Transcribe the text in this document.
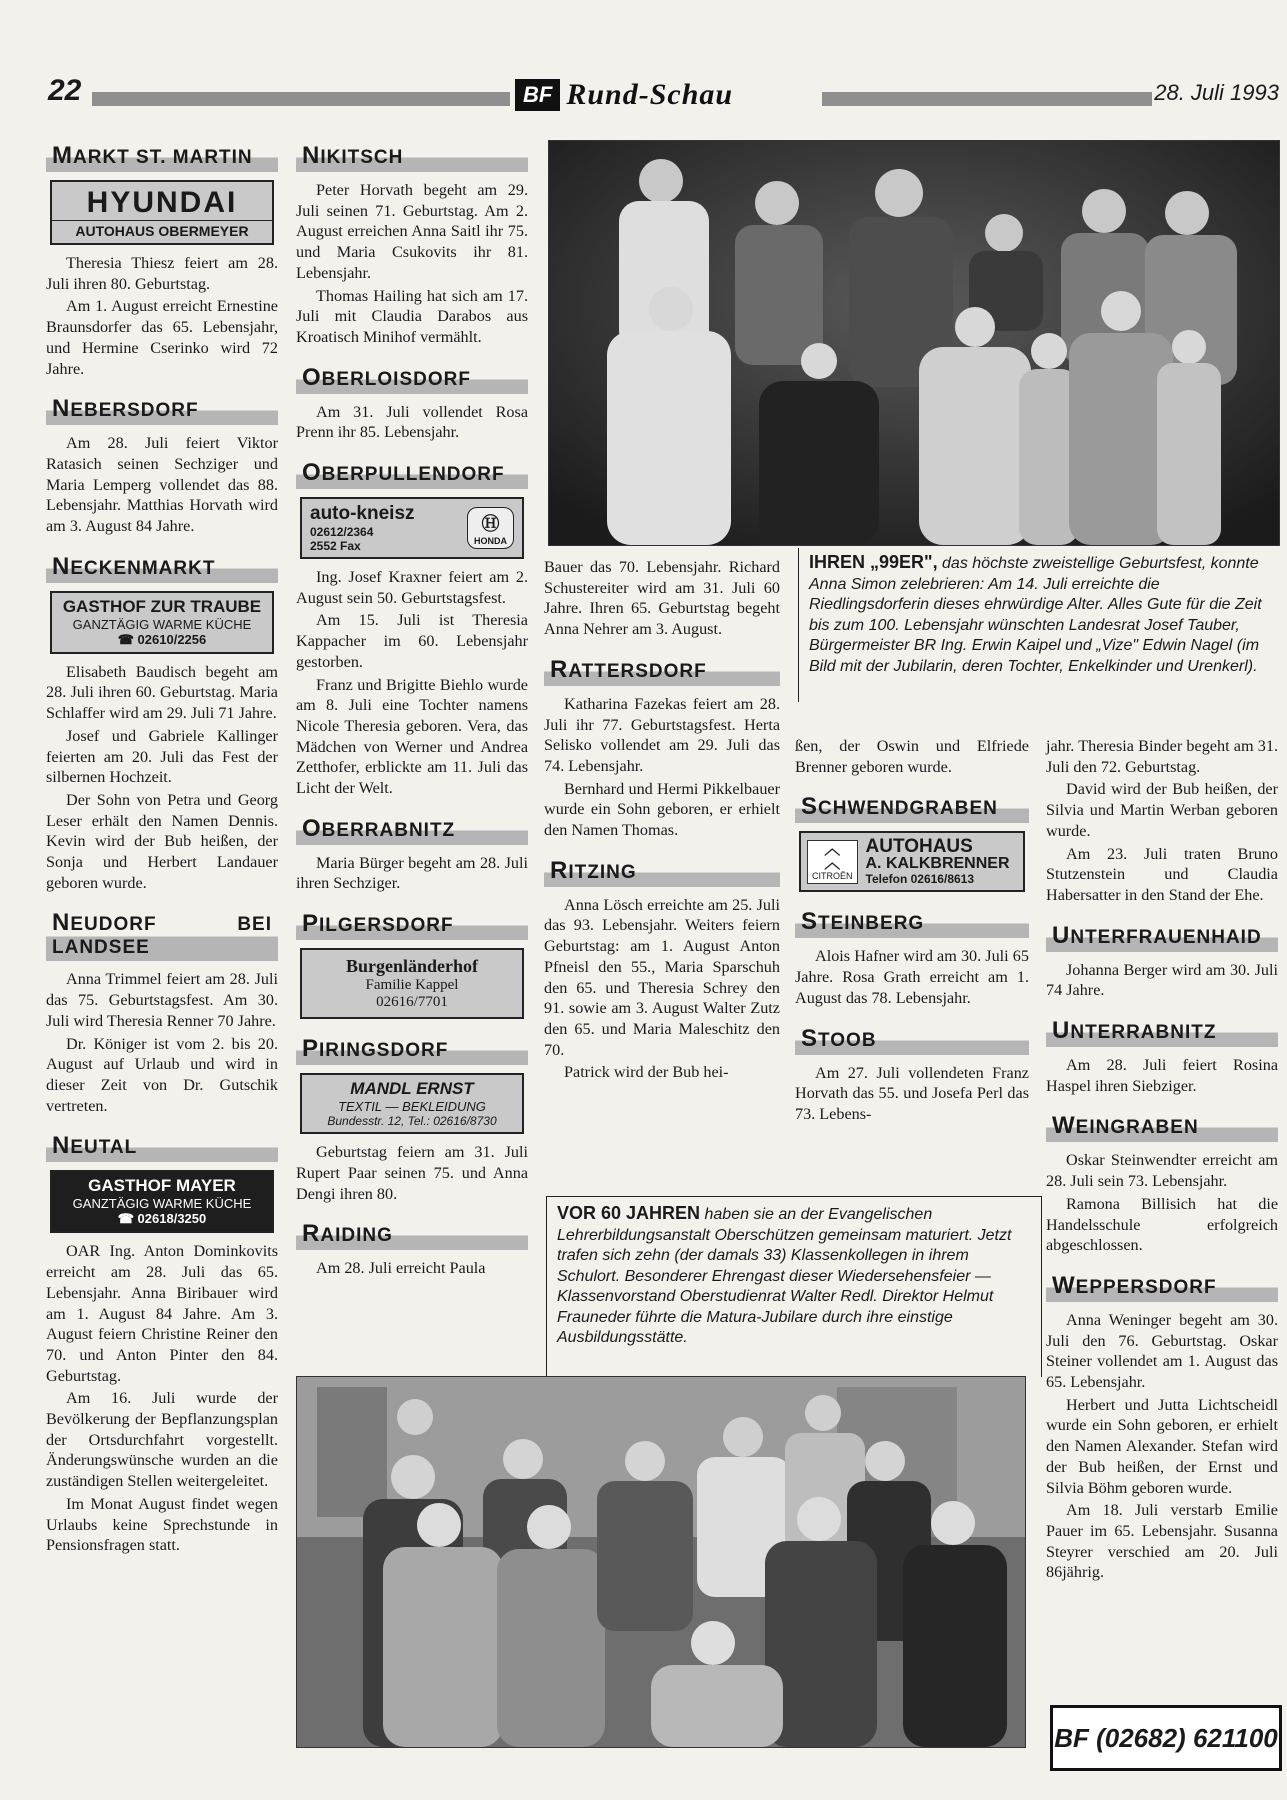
22	BF Rund-Schau	28. Juli 1993
MARKT ST. MARTIN
HYUNDAI
AUTOHAUS OBERMEYER

Theresia Thiesz feiert am 28. Juli ihren 80. Geburtstag.

Am 1. August erreicht Ernestine Braunsdorfer das 65. Lebensjahr, und Hermine Cserinko wird 72 Jahre.

NEBERSDORF

Am 28. Juli feiert Viktor Ratasich seinen Sechziger und Maria Lemperg vollendet das 88. Lebensjahr. Matthias Horvath wird am 3. August 84 Jahre.

NECKENMARKT
GASTHOF ZUR TRAUBE
GANZTÄGIG WARME KÜCHE
☎ 02610/2256

Elisabeth Baudisch begeht am 28. Juli ihren 60. Geburtstag. Maria Schlaffer wird am 29. Juli 71 Jahre.

Josef und Gabriele Kallinger feierten am 20. Juli das Fest der silbernen Hochzeit.

Der Sohn von Petra und Georg Leser erhält den Namen Dennis. Kevin wird der Bub heißen, der Sonja und Herbert Landauer geboren wurde.

NEUDORF BEI LANDSEE

Anna Trimmel feiert am 28. Juli das 75. Geburtstagsfest. Am 30. Juli wird Theresia Renner 70 Jahre.

Dr. Königer ist vom 2. bis 20. August auf Urlaub und wird in dieser Zeit von Dr. Gutschik vertreten.

NEUTAL
GASTHOF MAYER
GANZTÄGIG WARME KÜCHE
☎ 02618/3250

OAR Ing. Anton Dominkovits erreicht am 28. Juli das 65. Lebensjahr. Anna Biribauer wird am 1. August 84 Jahre. Am 3. August feiern Christine Reiner den 70. und Anton Pinter den 84. Geburtstag.

Am 16. Juli wurde der Bevölkerung der Bepflanzungsplan der Ortsdurchfahrt vorgestellt. Änderungswünsche wurden an die zuständigen Stellen weitergeleitet.

Im Monat August findet wegen Urlaubs keine Sprechstunde in Pensionsfragen statt.

NIKITSCH

Peter Horvath begeht am 29. Juli seinen 71. Geburtstag. Am 2. August erreichen Anna Saitl ihr 75. und Maria Csukovits ihr 81. Lebensjahr.

Thomas Hailing hat sich am 17. Juli mit Claudia Darabos aus Kroatisch Minihof vermählt.

OBERLOISDORF

Am 31. Juli vollendet Rosa Prenn ihr 85. Lebensjahr.

OBERPULLENDORF
auto-kneisz
02612/2364
2552 Fax
Ⓗ
HONDA

Ing. Josef Kraxner feiert am 2. August sein 50. Geburtstagsfest.

Am 15. Juli ist Theresia Kappacher im 60. Lebensjahr gestorben.

Franz und Brigitte Biehlo wurde am 8. Juli eine Tochter namens Nicole Theresia geboren. Vera, das Mädchen von Werner und Andrea Zetthofer, erblickte am 11. Juli das Licht der Welt.

OBERRABNITZ

Maria Bürger begeht am 28. Juli ihren Sechziger.

PILGERSDORF
Burgenländerhof
Familie Kappel
02616/7701
PIRINGSDORF
MANDL ERNST
TEXTIL — BEKLEIDUNG
Bundesstr. 12, Tel.: 02616/8730

Geburtstag feiern am 31. Juli Rupert Paar seinen 75. und Anna Dengi ihren 80.

RAIDING

Am 28. Juli erreicht Paula

IHREN „99ER", das höchste zweistellige Geburtsfest, konnte Anna Simon zelebrieren: Am 14. Juli erreichte die Riedlingsdorferin dieses ehrwürdige Alter. Alles Gute für die Zeit bis zum 100. Lebensjahr wünschten Landesrat Josef Tauber, Bürgermeister BR Ing. Erwin Kaipel und „Vize" Edwin Nagel (im Bild mit der Jubilarin, deren Tochter, Enkelkinder und Urenkerl).

Bauer das 70. Lebensjahr. Richard Schustereiter wird am 31. Juli 60 Jahre. Ihren 65. Geburtstag begeht Anna Nehrer am 3. August.

RATTERSDORF

Katharina Fazekas feiert am 28. Juli ihr 77. Geburtstagsfest. Herta Selisko vollendet am 29. Juli das 74. Lebensjahr.

Bernhard und Hermi Pikkelbauer wurde ein Sohn geboren, er erhielt den Namen Thomas.

RITZING

Anna Lösch erreichte am 25. Juli das 93. Lebensjahr. Weiters feiern Geburtstag: am 1. August Anton Pfneisl den 55., Maria Sparschuh den 65. und Theresia Schrey den 91. sowie am 3. August Walter Zutz den 65. und Maria Maleschitz den 70.

Patrick wird der Bub hei-

ßen, der Oswin und Elfriede Brenner geboren wurde.

SCHWENDGRABEN
︿
︿
CITROËN
AUTOHAUS
A. KALKBRENNER
Telefon 02616/8613
STEINBERG

Alois Hafner wird am 30. Juli 65 Jahre. Rosa Grath erreicht am 1. August das 78. Lebensjahr.

STOOB

Am 27. Juli vollendeten Franz Horvath das 55. und Josefa Perl das 73. Lebens-

jahr. Theresia Binder begeht am 31. Juli den 72. Geburtstag.

David wird der Bub heißen, der Silvia und Martin Werban geboren wurde.

Am 23. Juli traten Bruno Stutzenstein und Claudia Habersatter in den Stand der Ehe.

UNTERFRAUENHAID

Johanna Berger wird am 30. Juli 74 Jahre.

UNTERRABNITZ

Am 28. Juli feiert Rosina Haspel ihren Siebziger.

WEINGRABEN

Oskar Steinwendter erreicht am 28. Juli sein 73. Lebensjahr.

Ramona Billisich hat die Handelsschule erfolgreich abgeschlossen.

WEPPERSDORF

Anna Weninger begeht am 30. Juli den 76. Geburtstag. Oskar Steiner vollendet am 1. August das 65. Lebensjahr.

Herbert und Jutta Lichtscheidl wurde ein Sohn geboren, er erhielt den Namen Alexander. Stefan wird der Bub heißen, der Ernst und Silvia Böhm geboren wurde.

Am 18. Juli verstarb Emilie Pauer im 65. Lebensjahr. Susanna Steyrer verschied am 20. Juli 86jährig.

VOR 60 JAHREN haben sie an der Evangelischen Lehrerbildungsanstalt Oberschützen gemeinsam maturiert. Jetzt trafen sich zehn (der damals 33) Klassenkollegen in ihrem Schulort. Besonderer Ehrengast dieser Wiedersehensfeier — Klassenvorstand Oberstudienrat Walter Redl. Direktor Helmut Frauneder führte die Matura-Jubilare durch ihre einstige Ausbildungsstätte.
BF (02682) 621100
